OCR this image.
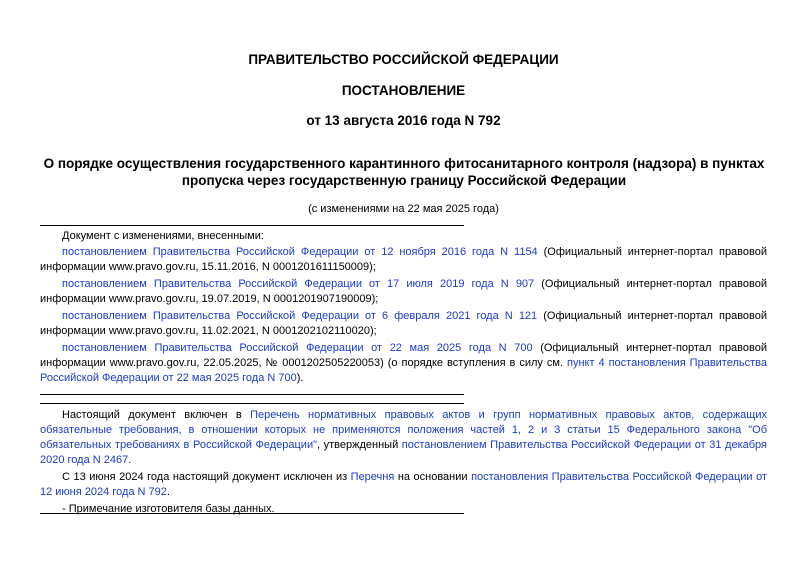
ПРАВИТЕЛЬСТВО РОССИЙСКОЙ ФЕДЕРАЦИИ
ПОСТАНОВЛЕНИЕ
от 13 августа 2016 года N 792
О порядке осуществления государственного карантинного фитосанитарного контроля (надзора) в пунктах пропуска через государственную границу Российской Федерации
(с изменениями на 22 мая 2025 года)

Документ с изменениями, внесенными:

постановлением Правительства Российской Федерации от 12 ноября 2016 года N 1154 (Официальный интернет-портал правовой информации www.pravo.gov.ru, 15.11.2016, N 0001201611150009);

постановлением Правительства Российской Федерации от 17 июля 2019 года N 907 (Официальный интернет-портал правовой информации www.pravo.gov.ru, 19.07.2019, N 0001201907190009);

постановлением Правительства Российской Федерации от 6 февраля 2021 года N 121 (Официальный интернет-портал правовой информации www.pravo.gov.ru, 11.02.2021, N 0001202102110020);

постановлением Правительства Российской Федерации от 22 мая 2025 года N 700 (Официальный интернет-портал правовой информации www.pravo.gov.ru, 22.05.2025, № 0001202505220053) (о порядке вступления в силу см. пункт 4 постановления Правительства Российской Федерации от 22 мая 2025 года N 700).

Настоящий документ включен в Перечень нормативных правовых актов и групп нормативных правовых актов, содержащих обязательные требования, в отношении которых не применяются положения частей 1, 2 и 3 статьи 15 Федерального закона "Об обязательных требованиях в Российской Федерации", утвержденный постановлением Правительства Российской Федерации от 31 декабря 2020 года N 2467.

С 13 июня 2024 года настоящий документ исключен из Перечня на основании постановления Правительства Российской Федерации от 12 июня 2024 года N 792.

- Примечание изготовителя базы данных.
